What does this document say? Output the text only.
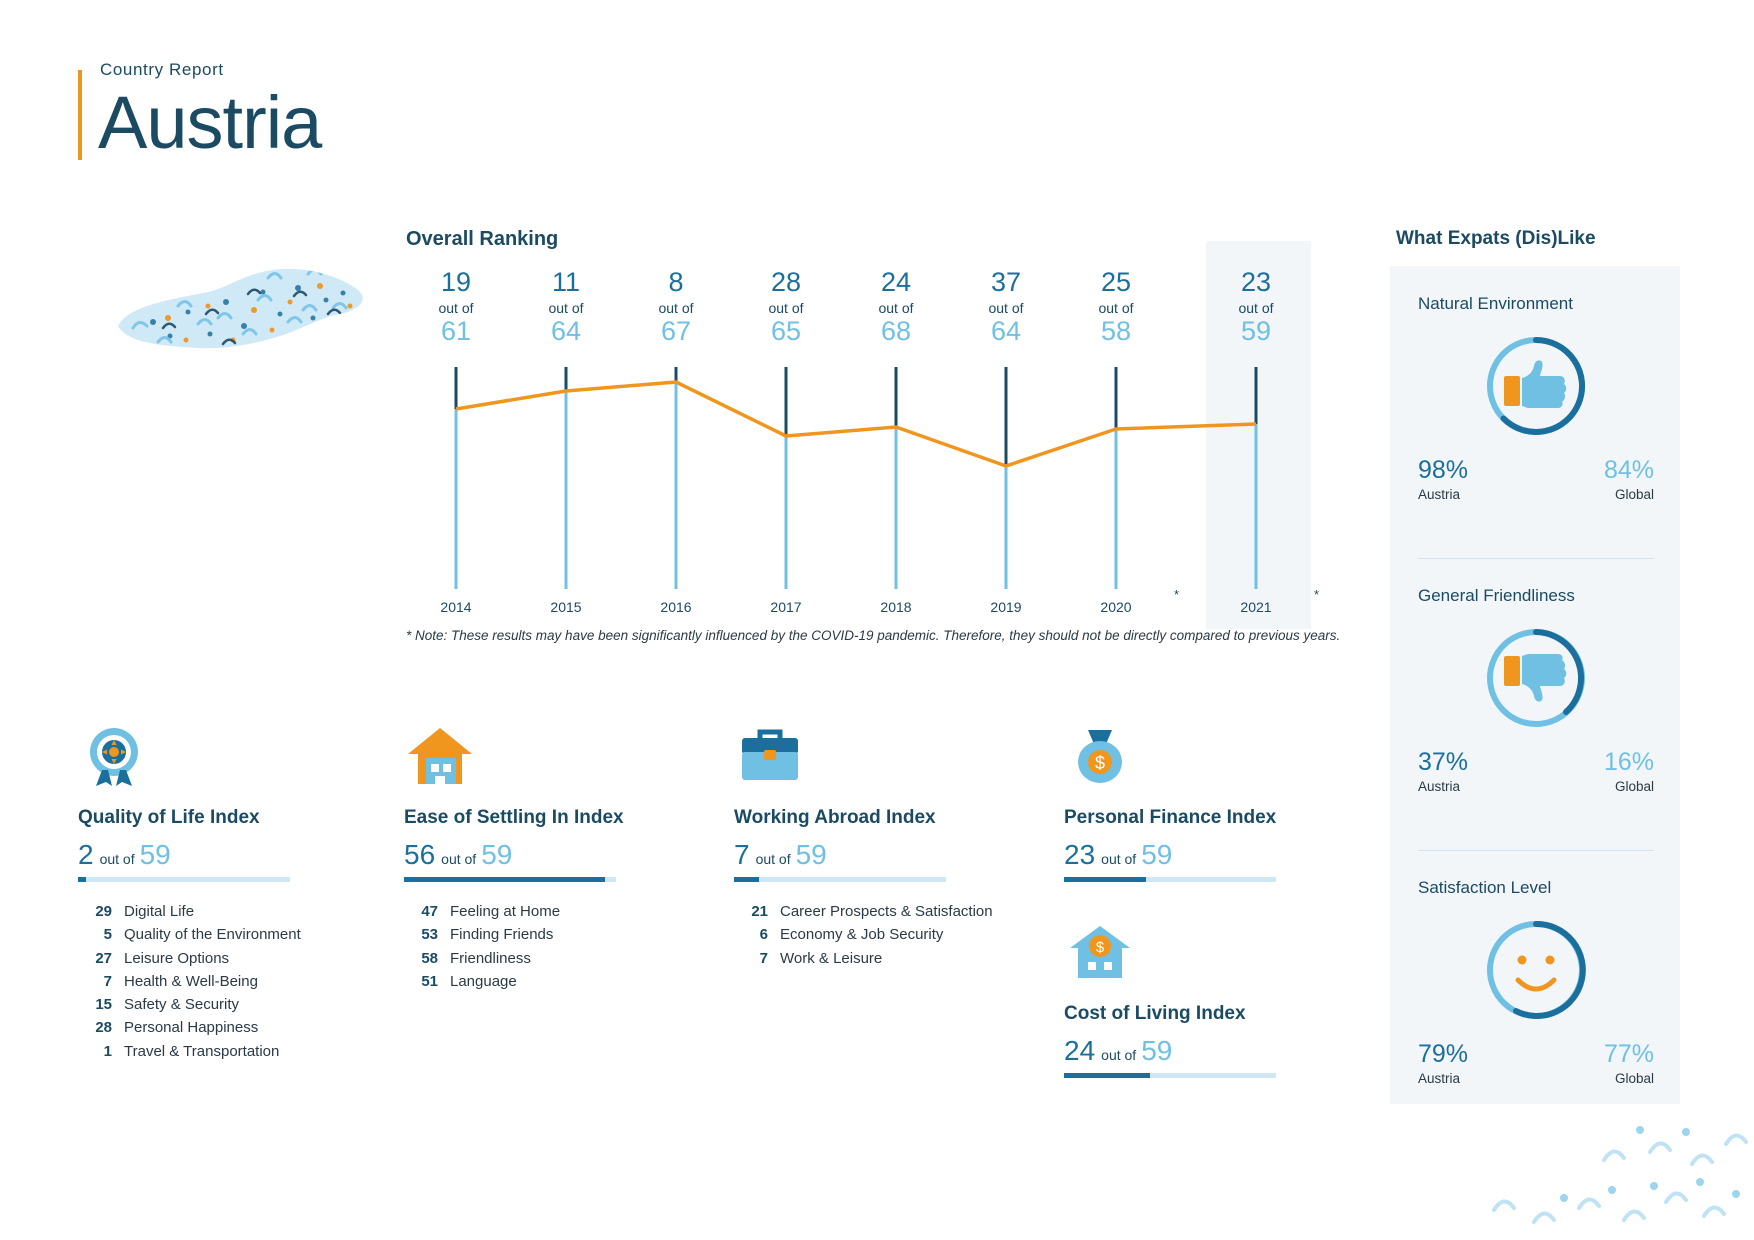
Country Report
Austria
Overall Ranking
19
out of
61
11
out of
64
8
out of
67
28
out of
65
24
out of
68
37
out of
64
25
out of
58
23
out of
59
2014	2015	2016	2017	2018	2019	2020	2021
*	*
* Note: These results may have been significantly influenced by the COVID-19 pandemic. Therefore, they should not be directly compared to previous years.
Quality of Life Index
2 out of 59
29 Digital Life
5 Quality of the Environment
27 Leisure Options
7 Health & Well-Being
15 Safety & Security
28 Personal Happiness
1 Travel & Transportation
Ease of Settling In Index
56 out of 59
47 Feeling at Home
53 Finding Friends
58 Friendliness
51 Language
Working Abroad Index
7 out of 59
21 Career Prospects & Satisfaction
6 Economy & Job Security
7 Work & Leisure
$
Personal Finance Index
23 out of 59
$
Cost of Living Index
24 out of 59
What Expats (Dis)Like
Natural Environment
98%
Austria
84%
Global
General Friendliness
37%
Austria
16%
Global
Satisfaction Level
79%
Austria
77%
Global
